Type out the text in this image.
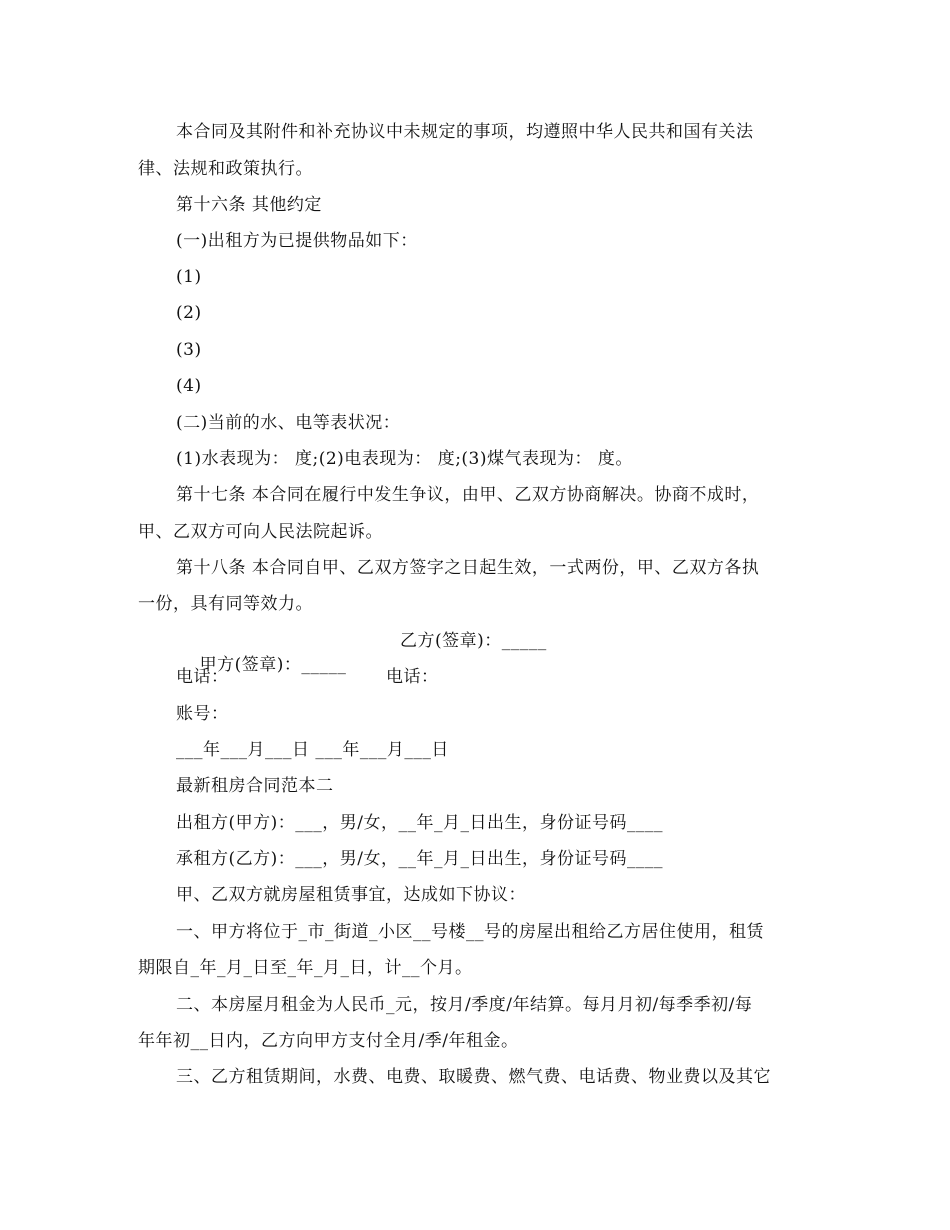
本合同及其附件和补充协议中未规定的事项，均遵照中华人民共和国有关法
律、法规和政策执行。
第十六条 其他约定
(一)出租方为已提供物品如下：
(1)
(2)
(3)
(4)
(二)当前的水、电等表状况：
(1)水表现为： 度;(2)电表现为： 度;(3)煤气表现为： 度。
第十七条 本合同在履行中发生争议，由甲、乙双方协商解决。协商不成时，
甲、乙双方可向人民法院起诉。
第十八条 本合同自甲、乙双方签字之日起生效，一式两份，甲、乙双方各执
一份，具有同等效力。

甲方(签章)：_____

乙方(签章)：_____
电话：	电话：
账号：
___年___月___日 ___年___月___日
最新租房合同范本二
出租方(甲方)：___，男/女，__年_月_日出生，身份证号码____
承租方(乙方)：___，男/女，__年_月_日出生，身份证号码____
甲、乙双方就房屋租赁事宜，达成如下协议：
一、甲方将位于_市_街道_小区__号楼__号的房屋出租给乙方居住使用，租赁
期限自_年_月_日至_年_月_日，计__个月。
二、本房屋月租金为人民币_元，按月/季度/年结算。每月月初/每季季初/每
年年初__日内，乙方向甲方支付全月/季/年租金。
三、乙方租赁期间，水费、电费、取暖费、燃气费、电话费、物业费以及其它
